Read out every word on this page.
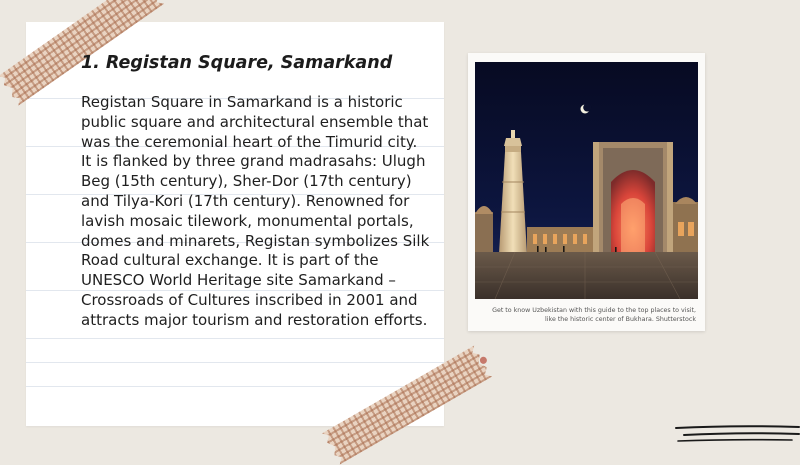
1. Registan Square, Samarkand

Registan Square in Samarkand is a historic public square and architectural ensemble that was the ceremonial heart of the Timurid city. It is flanked by three grand madrasahs: Ulugh Beg (15th century), Sher-Dor (17th century) and Tilya-Kori (17th century). Renowned for lavish mosaic tilework, monumental portals, domes and minarets, Registan symbolizes Silk Road cultural exchange. It is part of the UNESCO World Heritage site Samarkand – Crossroads of Cultures inscribed in 2001 and attracts major tourism and restoration efforts.

Get to know Uzbekistan with this guide to the top places to visit, like the historic center of Bukhara. Shutterstock
